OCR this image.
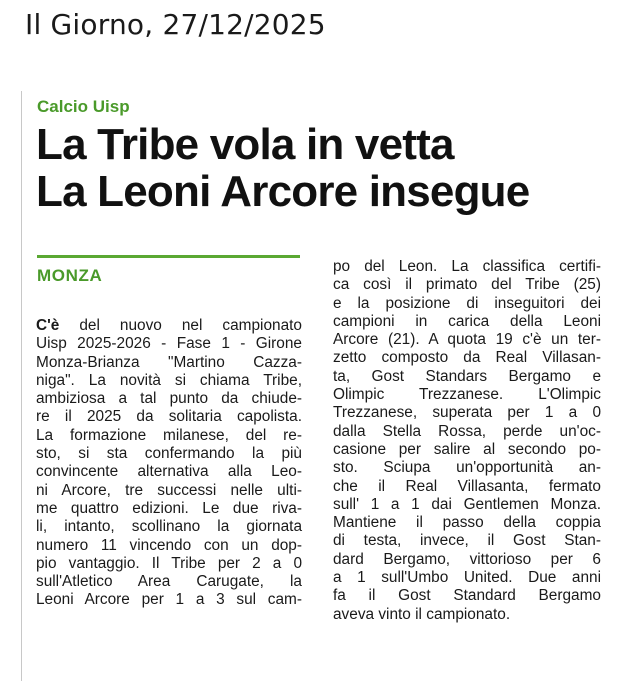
Il Giorno, 27/12/2025
Calcio Uisp
La Tribe vola in vetta
La Leoni Arcore insegue
MONZA
C'è del nuovo nel campionato
Uisp 2025-2026 - Fase 1 - Girone
Monza-Brianza "Martino Cazza-
niga". La novità si chiama Tribe,
ambiziosa a tal punto da chiude-
re il 2025 da solitaria capolista.
La formazione milanese, del re-
sto, si sta confermando la più
convincente alternativa alla Leo-
ni Arcore, tre successi nelle ulti-
me quattro edizioni. Le due riva-
li, intanto, scollinano la giornata
numero 11 vincendo con un dop-
pio vantaggio. Il Tribe per 2 a 0
sull'Atletico Area Carugate, la
Leoni Arcore per 1 a 3 sul cam-
po del Leon. La classifica certifi-
ca così il primato del Tribe (25)
e la posizione di inseguitori dei
campioni in carica della Leoni
Arcore (21). A quota 19 c'è un ter-
zetto composto da Real Villasan-
ta, Gost Standars Bergamo e
Olimpic Trezzanese. L'Olimpic
Trezzanese, superata per 1 a 0
dalla Stella Rossa, perde un'oc-
casione per salire al secondo po-
sto. Sciupa un'opportunità an-
che il Real Villasanta, fermato
sull' 1 a 1 dai Gentlemen Monza.
Mantiene il passo della coppia
di testa, invece, il Gost Stan-
dard Bergamo, vittorioso per 6
a 1 sull'Umbo United. Due anni
fa il Gost Standard Bergamo
aveva vinto il campionato.
